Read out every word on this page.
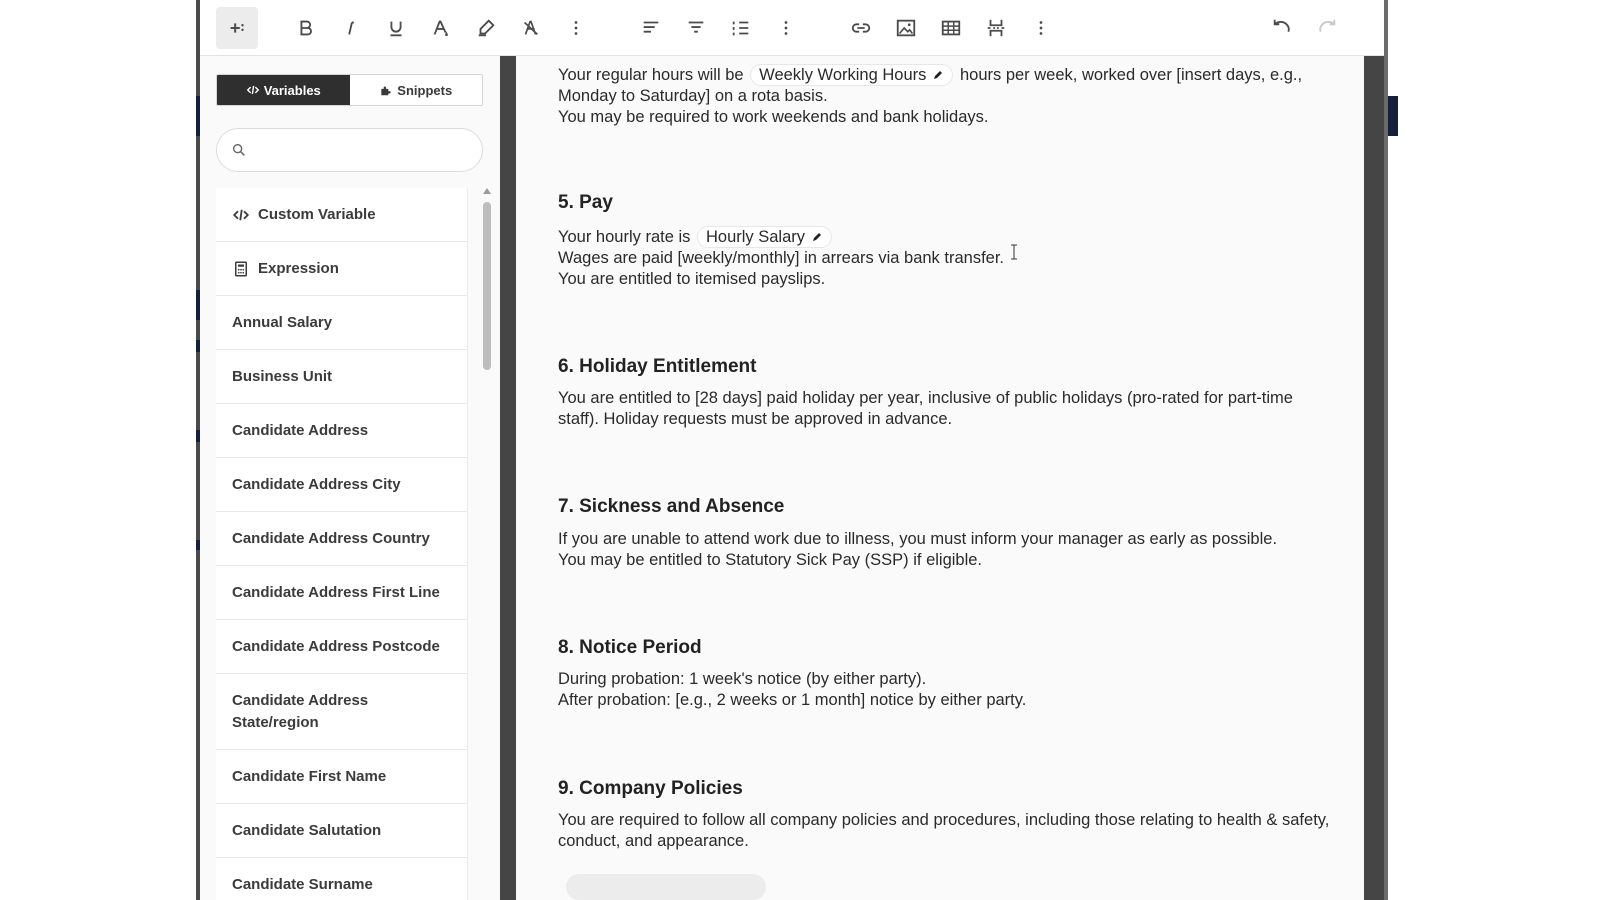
Variables	Snippets
Custom Variable
Expression
Annual Salary
Business Unit
Candidate Address
Candidate Address City
Candidate Address Country
Candidate Address First Line
Candidate Address Postcode
Candidate Address State/region
Candidate First Name
Candidate Salutation
Candidate Surname
Your regular hours will be Weekly Working Hours hours per week, worked over [insert days, e.g., Monday to Saturday] on a rota basis.
You may be required to work weekends and bank holidays.
5. Pay
Your hourly rate is Hourly Salary
Wages are paid [weekly/monthly] in arrears via bank transfer.
You are entitled to itemised payslips.
6. Holiday Entitlement
You are entitled to [28 days] paid holiday per year, inclusive of public holidays (pro-rated for part-time staff). Holiday requests must be approved in advance.
7. Sickness and Absence
If you are unable to attend work due to illness, you must inform your manager as early as possible.
You may be entitled to Statutory Sick Pay (SSP) if eligible.
8. Notice Period
During probation: 1 week's notice (by either party).
After probation: [e.g., 2 weeks or 1 month] notice by either party.
9. Company Policies
You are required to follow all company policies and procedures, including those relating to health & safety, conduct, and appearance.
